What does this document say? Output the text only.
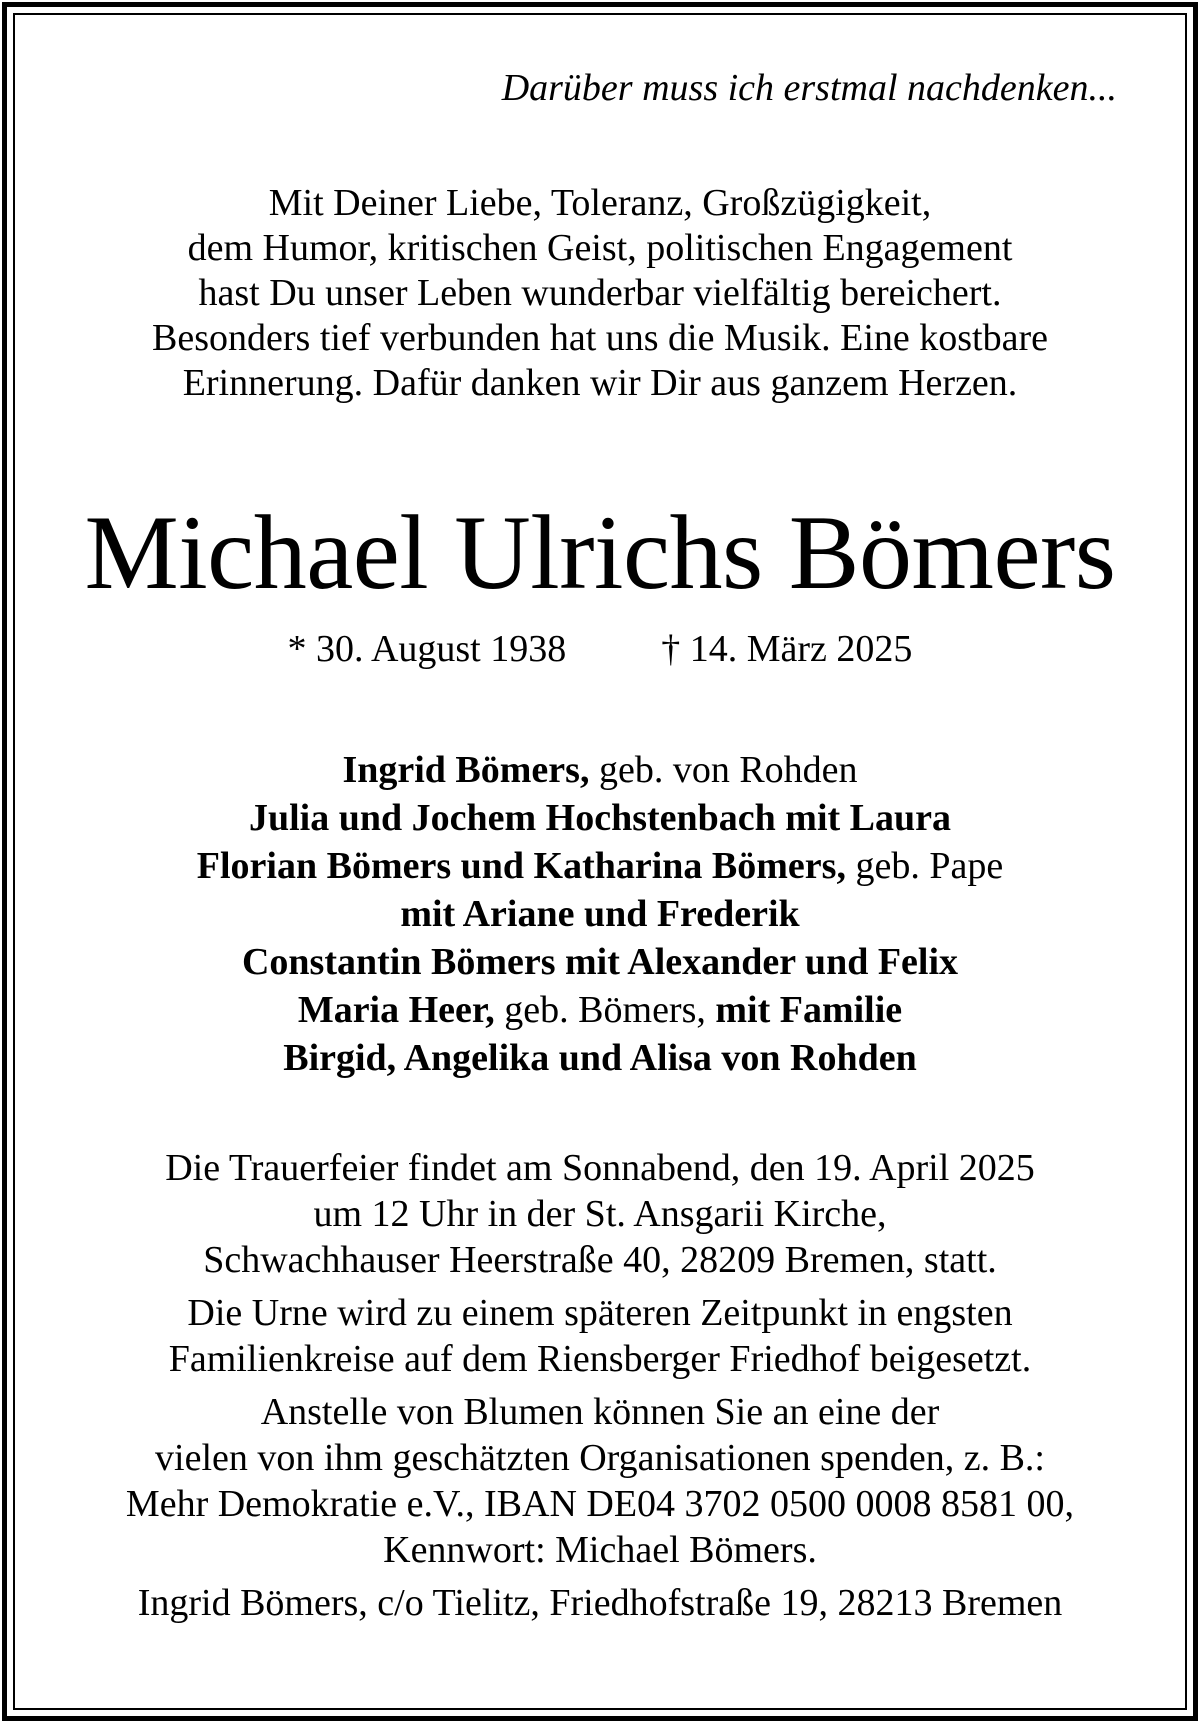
Darüber muss ich erstmal nachdenken...
Mit Deiner Liebe, Toleranz, Großzügigkeit,
dem Humor, kritischen Geist, politischen Engagement
hast Du unser Leben wunderbar vielfältig bereichert.
Besonders tief verbunden hat uns die Musik. Eine kostbare
Erinnerung. Dafür danken wir Dir aus ganzem Herzen.
Michael Ulrichs Bömers
* 30. August 1938	† 14. März 2025
Ingrid Bömers, geb. von Rohden
Julia und Jochem Hochstenbach mit Laura
Florian Bömers und Katharina Bömers, geb. Pape
mit Ariane und Frederik
Constantin Bömers mit Alexander und Felix
Maria Heer, geb. Bömers, mit Familie
Birgid, Angelika und Alisa von Rohden
Die Trauerfeier findet am Sonnabend, den 19. April 2025
um 12 Uhr in der St. Ansgarii Kirche,
Schwachhauser Heerstraße 40, 28209 Bremen, statt.
Die Urne wird zu einem späteren Zeitpunkt in engsten
Familienkreise auf dem Riensberger Friedhof beigesetzt.
Anstelle von Blumen können Sie an eine der
vielen von ihm geschätzten Organisationen spenden, z. B.:
Mehr Demokratie e.V., IBAN DE04 3702 0500 0008 8581 00,
Kennwort: Michael Bömers.
Ingrid Bömers, c/o Tielitz, Friedhofstraße 19, 28213 Bremen
